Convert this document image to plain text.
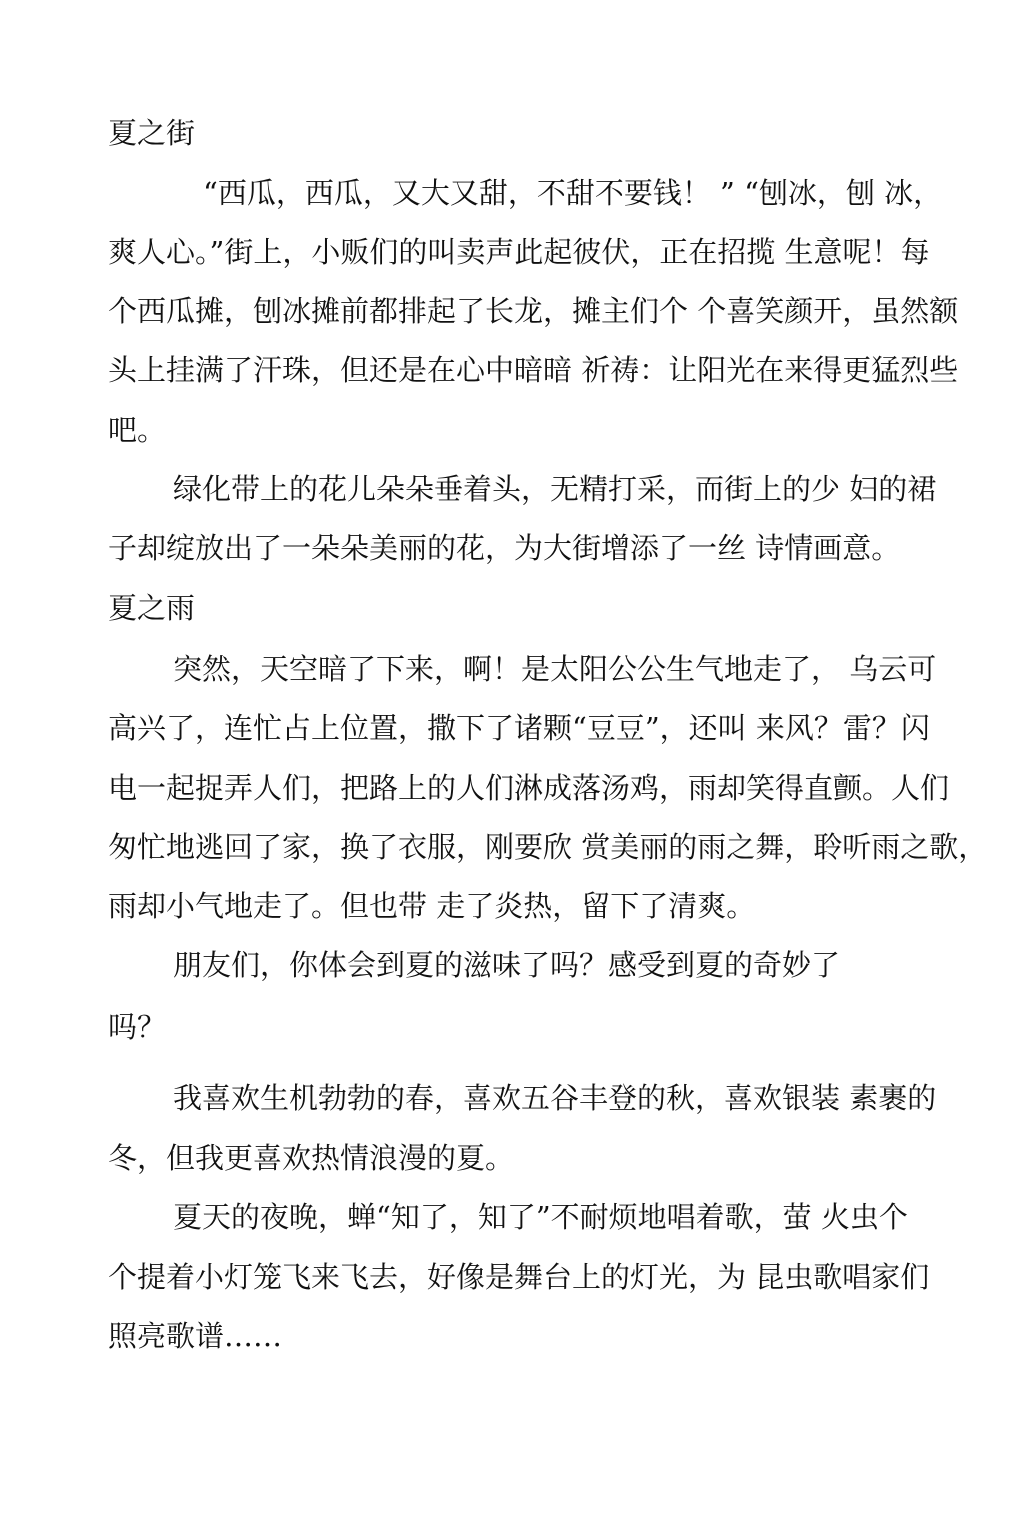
夏之街
“西瓜，西瓜，又大又甜，不甜不要钱！ ” “刨冰，刨 冰，
爽人心。”街上，小贩们的叫卖声此起彼伏，正在招揽 生意呢！每
个西瓜摊，刨冰摊前都排起了长龙，摊主们个 个喜笑颜开，虽然额
头上挂满了汗珠，但还是在心中暗暗 祈祷：让阳光在来得更猛烈些
吧。
绿化带上的花儿朵朵垂着头，无精打采，而街上的少 妇的裙
子却绽放出了一朵朵美丽的花，为大街增添了一丝 诗情画意。
夏之雨
突然，天空暗了下来，啊！是太阳公公生气地走了， 乌云可
高兴了，连忙占上位置，撒下了诸颗“豆豆”，还叫 来风？雷？闪
电一起捉弄人们，把路上的人们淋成落汤鸡，雨却笑得直颤。人们
匆忙地逃回了家，换了衣服，刚要欣 赏美丽的雨之舞，聆听雨之歌，
雨却小气地走了。但也带 走了炎热，留下了清爽。
朋友们，你体会到夏的滋味了吗？感受到夏的奇妙了
吗？
我喜欢生机勃勃的春，喜欢五谷丰登的秋，喜欢银装 素裹的
冬，但我更喜欢热情浪漫的夏。
夏天的夜晚，蝉“知了，知了”不耐烦地唱着歌，萤 火虫个
个提着小灯笼飞来飞去，好像是舞台上的灯光，为 昆虫歌唱家们
照亮歌谱……
